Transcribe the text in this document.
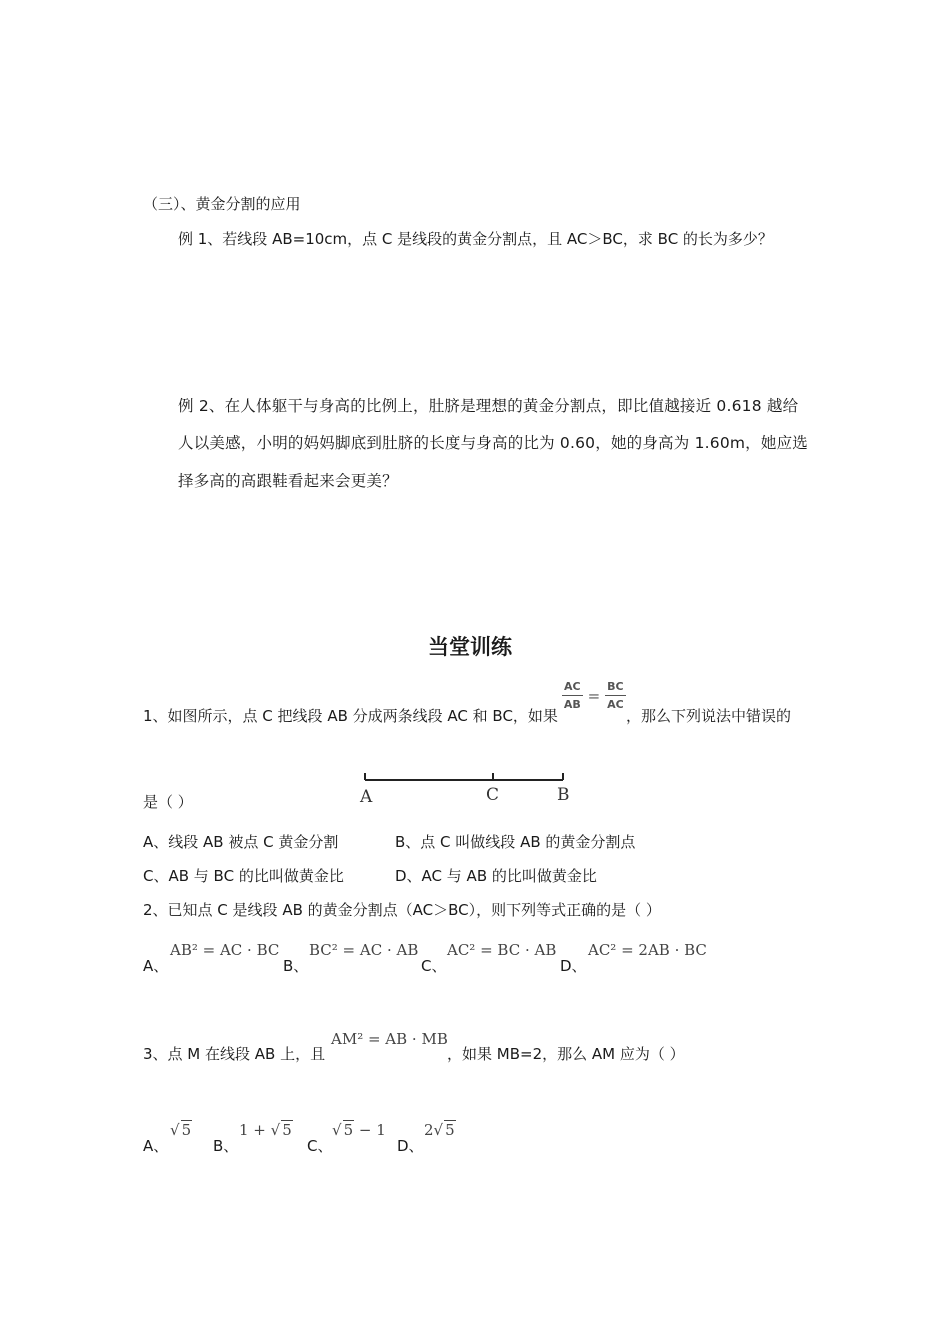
（三）、黄金分割的应用
例 1、若线段 AB=10cm，点 C 是线段的黄金分割点，且 AC＞BC，求 BC 的长为多少？
例 2、在人体躯干与身高的比例上，肚脐是理想的黄金分割点，即比值越接近 0.618 越给
人以美感，小明的妈妈脚底到肚脐的长度与身高的比为 0.60，她的身高为 1.60m，她应选
择多高的高跟鞋看起来会更美？
当堂训练
1、如图所示，点 C 把线段 AB 分成两条线段 AC 和 BC，如果
$\frac{AC}{AB} = \frac{BC}{AC}$
，那么下列说法中错误的
是（ ）	A	C	B
A、线段 AB 被点 C 黄金分割	B、点 C 叫做线段 AB 的黄金分割点
C、AB 与 BC 的比叫做黄金比	D、AC 与 AB 的比叫做黄金比
2、已知点 C 是线段 AB 的黄金分割点（AC＞BC），则下列等式正确的是（ ）
A、
AB² = AC · BC
B、
BC² = AC · AB
C、
AC² = BC · AB
D、
AC² = 2AB · BC
3、点 M 在线段 AB 上，且
AM² = AB · MB
，如果 MB=2，那么 AM 应为（ ）
A、
√ 5
B、
1 + √ 5
C、
√ 5 − 1
D、
2√ 5
